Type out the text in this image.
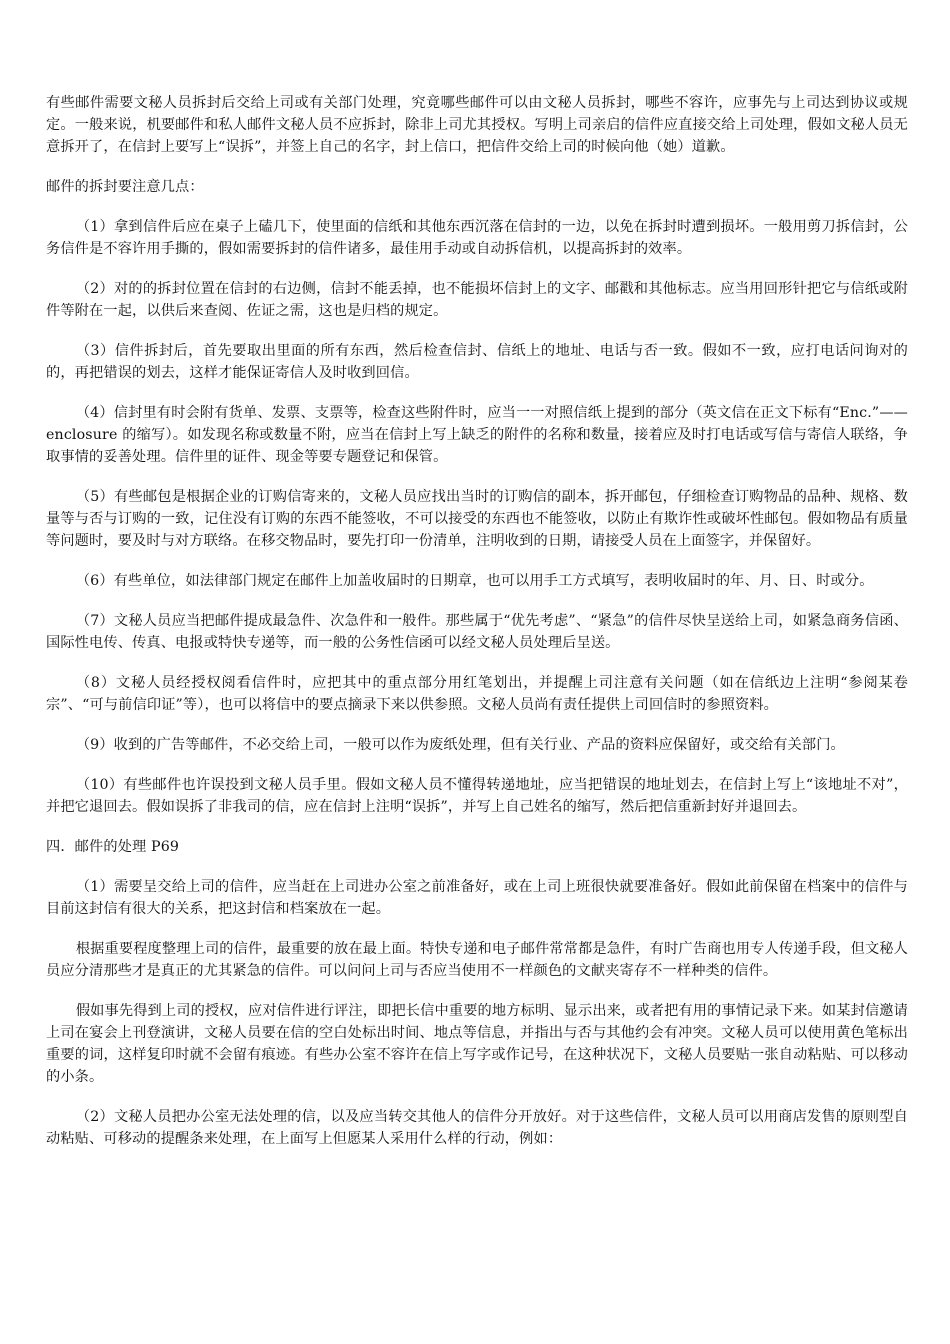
有些邮件需要文秘人员拆封后交给上司或有关部门处理，究竟哪些邮件可以由文秘人员拆封，哪些不容许，应事先与上司达到协议或规定。一般来说，机要邮件和私人邮件文秘人员不应拆封，除非上司尤其授权。写明上司亲启的信件应直接交给上司处理，假如文秘人员无意拆开了，在信封上要写上“误拆”，并签上自己的名字，封上信口，把信件交给上司的时候向他（她）道歉。

邮件的拆封要注意几点：

（1）拿到信件后应在桌子上磕几下，使里面的信纸和其他东西沉落在信封的一边，以免在拆封时遭到损坏。一般用剪刀拆信封，公务信件是不容许用手撕的，假如需要拆封的信件诸多，最佳用手动或自动拆信机，以提高拆封的效率。

（2）对的的拆封位置在信封的右边侧，信封不能丢掉，也不能损坏信封上的文字、邮戳和其他标志。应当用回形针把它与信纸或附件等附在一起，以供后来查阅、佐证之需，这也是归档的规定。

（3）信件拆封后，首先要取出里面的所有东西，然后检查信封、信纸上的地址、电话与否一致。假如不一致，应打电话问询对的的，再把错误的划去，这样才能保证寄信人及时收到回信。

（4）信封里有时会附有货单、发票、支票等，检查这些附件时，应当一一对照信纸上提到的部分（英文信在正文下标有“Enc.”——enclosure 的缩写）。如发现名称或数量不附，应当在信封上写上缺乏的附件的名称和数量，接着应及时打电话或写信与寄信人联络，争取事情的妥善处理。信件里的证件、现金等要专题登记和保管。

（5）有些邮包是根据企业的订购信寄来的，文秘人员应找出当时的订购信的副本，拆开邮包，仔细检查订购物品的品种、规格、数量等与否与订购的一致，记住没有订购的东西不能签收，不可以接受的东西也不能签收，以防止有欺诈性或破坏性邮包。假如物品有质量等问题时，要及时与对方联络。在移交物品时，要先打印一份清单，注明收到的日期，请接受人员在上面签字，并保留好。

（6）有些单位，如法律部门规定在邮件上加盖收届时的日期章，也可以用手工方式填写，表明收届时的年、月、日、时或分。

（7）文秘人员应当把邮件提成最急件、次急件和一般件。那些属于“优先考虑”、“紧急”的信件尽快呈送给上司，如紧急商务信函、国际性电传、传真、电报或特快专递等，而一般的公务性信函可以经文秘人员处理后呈送。

（8）文秘人员经授权阅看信件时，应把其中的重点部分用红笔划出，并提醒上司注意有关问题（如在信纸边上注明“参阅某卷宗”、“可与前信印证”等），也可以将信中的要点摘录下来以供参照。文秘人员尚有责任提供上司回信时的参照资料。

（9）收到的广告等邮件，不必交给上司，一般可以作为废纸处理，但有关行业、产品的资料应保留好，或交给有关部门。

（10）有些邮件也许误投到文秘人员手里。假如文秘人员不懂得转递地址，应当把错误的地址划去，在信封上写上“该地址不对”，并把它退回去。假如误拆了非我司的信，应在信封上注明“误拆”，并写上自己姓名的缩写，然后把信重新封好并退回去。

四．邮件的处理 P69

（1）需要呈交给上司的信件，应当赶在上司进办公室之前准备好，或在上司上班很快就要准备好。假如此前保留在档案中的信件与目前这封信有很大的关系，把这封信和档案放在一起。

根据重要程度整理上司的信件，最重要的放在最上面。特快专递和电子邮件常常都是急件，有时广告商也用专人传递手段，但文秘人员应分清那些才是真正的尤其紧急的信件。可以问问上司与否应当使用不一样颜色的文献夹寄存不一样种类的信件。

假如事先得到上司的授权，应对信件进行评注，即把长信中重要的地方标明、显示出来，或者把有用的事情记录下来。如某封信邀请上司在宴会上刊登演讲，文秘人员要在信的空白处标出时间、地点等信息，并指出与否与其他约会有冲突。文秘人员可以使用黄色笔标出重要的词，这样复印时就不会留有痕迹。有些办公室不容许在信上写字或作记号，在这种状况下，文秘人员要贴一张自动粘贴、可以移动的小条。

（2）文秘人员把办公室无法处理的信，以及应当转交其他人的信件分开放好。对于这些信件，文秘人员可以用商店发售的原则型自动粘贴、可移动的提醒条来处理，在上面写上但愿某人采用什么样的行动，例如：
